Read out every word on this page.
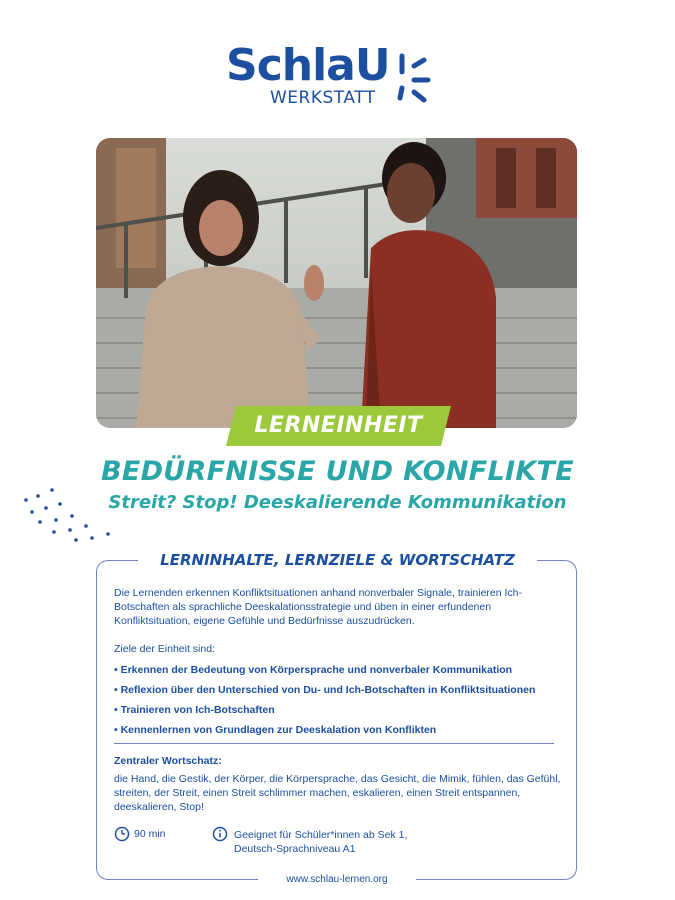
SchlaU
WERKSTATT
LERNEINHEIT
BEDÜRFNISSE UND KONFLIKTE
Streit? Stop! Deeskalierende Kommunikation
LERNINHALTE, LERNZIELE & WORTSCHATZ
Die Lernenden erkennen Konfliktsituationen anhand nonverbaler Signale, trainieren Ich-Botschaften als sprachliche Deeskalationsstrategie und üben in einer erfundenen Konfliktsituation, eigene Gefühle und Bedürfnisse auszudrücken.
Ziele der Einheit sind:
• Erkennen der Bedeutung von Körpersprache und nonverbaler Kommunikation
• Reflexion über den Unterschied von Du- und Ich-Botschaften in Konfliktsituationen
• Trainieren von Ich-Botschaften
• Kennenlernen von Grundlagen zur Deeskalation von Konflikten
Zentraler Wortschatz:
die Hand, die Gestik, der Körper, die Körpersprache, das Gesicht, die Mimik, fühlen, das Gefühl, streiten, der Streit, einen Streit schlimmer machen, eskalieren, einen Streit entspannen, deeskalieren, Stop!
90 min	Geeignet für Schüler*innen ab Sek 1,
Deutsch-Sprachniveau A1
www.schlau-lernen.org
